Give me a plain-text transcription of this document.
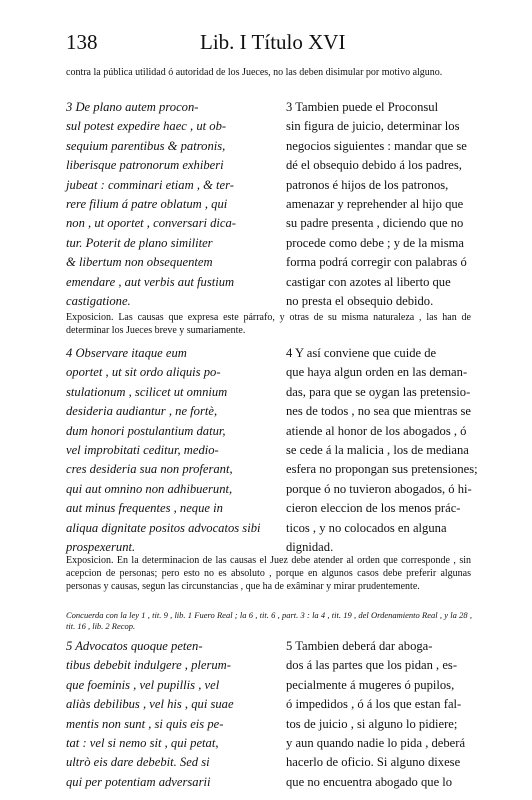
138	Lib. I Título XVI
contra la pública utilidad ó autoridad de los Jueces, no las deben disimular por motivo alguno.
3 De plano autem procon-
sul potest expedire haec , ut ob-
sequium parentibus & patronis,
liberisque patronorum exhiberi
jubeat : comminari etiam , & ter-
rere filium á patre oblatum , qui
non , ut oportet , conversari dica-
tur. Poterit de plano similiter
& libertum non obsequentem
emendare , aut verbis aut fustium
castigatione.
3 Tambien puede el Proconsul
sin figura de juicio, determinar los
negocios siguientes : mandar que se
dé el obsequio debido á los padres,
patronos é hijos de los patronos,
amenazar y reprehender al hijo que
su padre presenta , diciendo que no
procede como debe ; y de la misma
forma podrá corregir con palabras ó
castigar con azotes al liberto que
no presta el obsequio debido.
Exposicion. Las causas que expresa este párrafo, y otras de su misma naturaleza , las han de determinar los Jueces breve y sumariamente.
4 Observare itaque eum
oportet , ut sit ordo aliquis po-
stulationum , scilicet ut omnium
desideria audiantur , ne fortè,
dum honori postulantium datur,
vel improbitati ceditur, medio-
cres desideria sua non proferant,
qui aut omnino non adhibuerunt,
aut minus frequentes , neque in
aliqua dignitate positos advocatos sibi prospexerunt.
4 Y así conviene que cuide de
que haya algun orden en las deman-
das, para que se oygan las pretensio-
nes de todos , no sea que mientras se
atiende al honor de los abogados , ó
se cede á la malicia , los de mediana
esfera no propongan sus pretensiones;
porque ó no tuvieron abogados, ó hi-
cieron eleccion de los menos prác-
ticos , y no colocados en alguna
dignidad.
Exposicion. En la determinacion de las causas el Juez debe atender al orden que corresponde , sin acepcion de personas; pero esto no es absoluto , porque en algunos casos debe preferir algunas personas y causas, segun las circunstancias , que ha de exâminar y mirar prudentemente.
Concuerda con la ley 1 , tit. 9 , lib. 1 Fuero Real ; la 6 , tit. 6 , part. 3 : la 4 , tit. 19 , del Ordenamiento Real , y la 28 , tit. 16 , lib. 2 Recop.
5 Advocatos quoque peten-
tibus debebit indulgere , plerum-
que foeminis , vel pupillis , vel
aliàs debilibus , vel his , qui suae
mentis non sunt , si quis eis pe-
tat : vel si nemo sit , qui petat,
ultrò eis dare debebit. Sed si
qui per potentiam adversarii
5 Tambien deberá dar aboga-
dos á las partes que los pidan , es-
pecialmente á mugeres ó pupilos,
ó impedidos , ó á los que estan fal-
tos de juicio , si alguno lo pidiere;
y aun quando nadie lo pida , deberá
hacerlo de oficio. Si alguno dixese
que no encuentra abogado que lo
